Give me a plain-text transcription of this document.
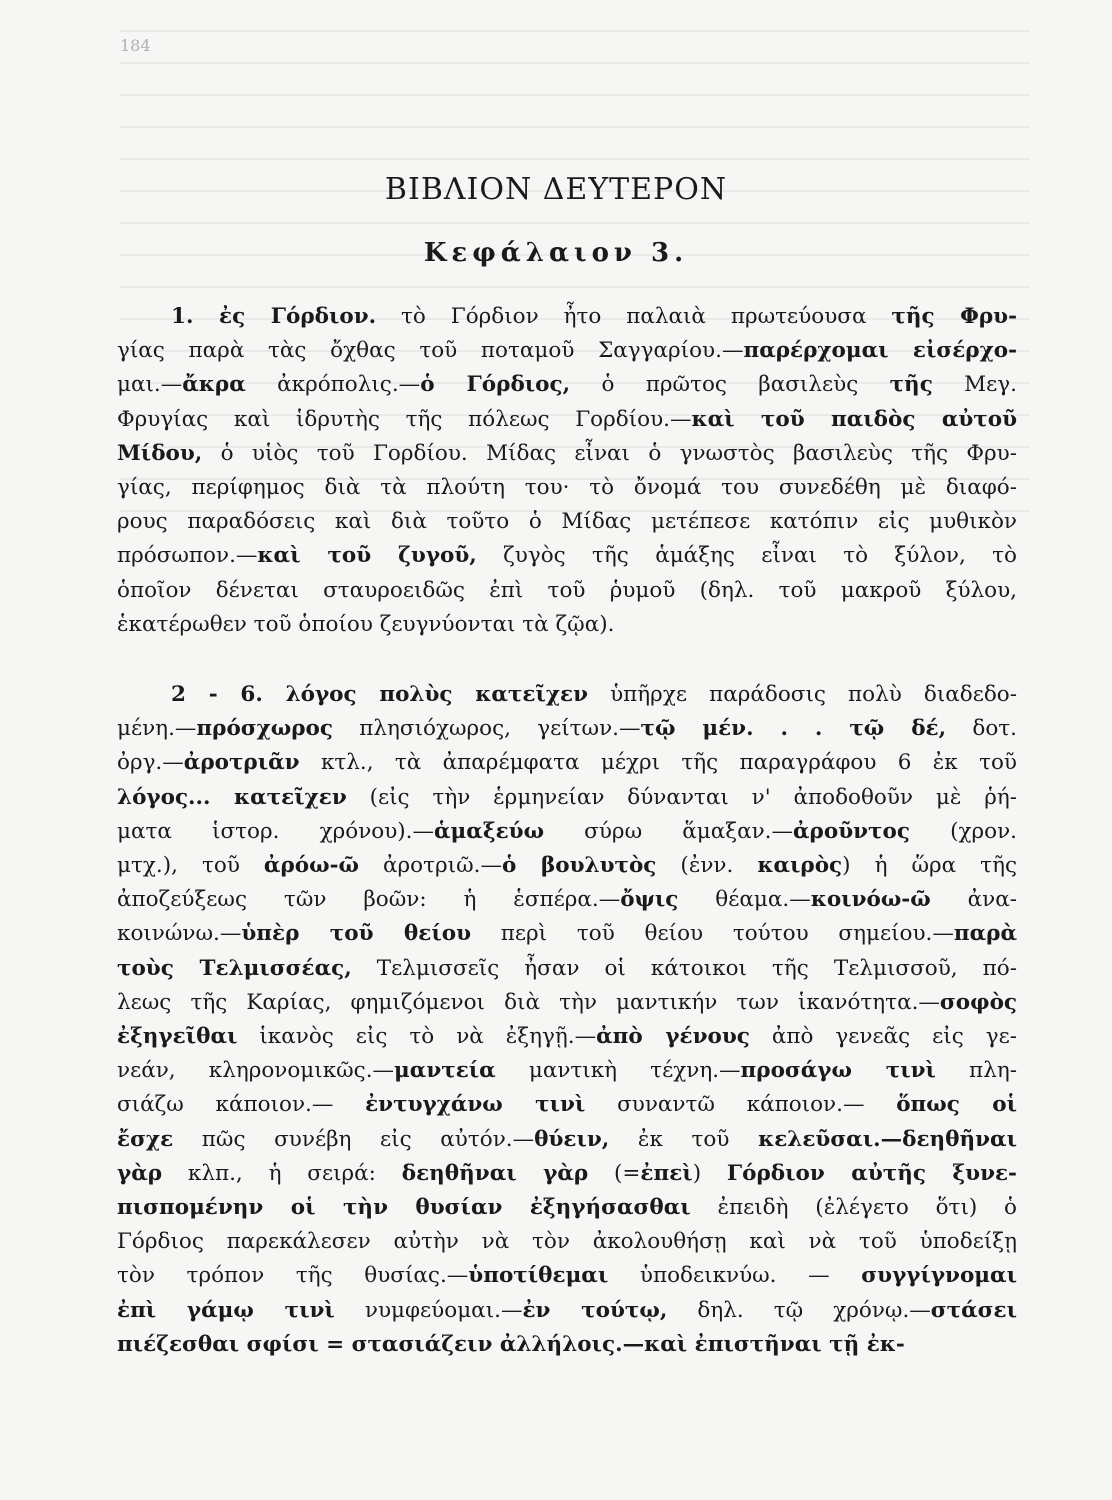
184
ΒΙΒΛΙΟΝ ΔΕΥΤΕΡΟΝ
Κεφάλαιον 3.
1. ἐς Γόρδιον. τὸ Γόρδιον ἦτο παλαιὰ πρωτεύουσα τῆς Φρυ-
γίας παρὰ τὰς ὄχθας τοῦ ποταμοῦ Σαγγαρίου.—παρέρχομαι εἰσέρχο-
μαι.—ἄκρα ἀκρόπολις.—ὁ Γόρδιος, ὁ πρῶτος βασιλεὺς τῆς Μεγ.
Φρυγίας καὶ ἱδρυτὴς τῆς πόλεως Γορδίου.—καὶ τοῦ παιδὸς αὐτοῦ
Μίδου, ὁ υἱὸς τοῦ Γορδίου. Μίδας εἶναι ὁ γνωστὸς βασιλεὺς τῆς Φρυ-
γίας, περίφημος διὰ τὰ πλούτη του· τὸ ὄνομά του συνεδέθη μὲ διαφό-
ρους παραδόσεις καὶ διὰ τοῦτο ὁ Μίδας μετέπεσε κατόπιν εἰς μυθικὸν
πρόσωπον.—καὶ τοῦ ζυγοῦ, ζυγὸς τῆς ἁμάξης εἶναι τὸ ξύλον, τὸ
ὁποῖον δένεται σταυροειδῶς ἐπὶ τοῦ ῥυμοῦ (δηλ. τοῦ μακροῦ ξύλου,
ἑκατέρωθεν τοῦ ὁποίου ζευγνύονται τὰ ζῷα).
2 - 6. λόγος πολὺς κατεῖχεν ὑπῆρχε παράδοσις πολὺ διαδεδο-
μένη.—πρόσχωρος πλησιόχωρος, γείτων.—τῷ μέν. . . τῷ δέ, δοτ.
ὀργ.—ἀροτριᾶν κτλ., τὰ ἀπαρέμφατα μέχρι τῆς παραγράφου 6 ἐκ τοῦ
λόγος... κατεῖχεν (εἰς τὴν ἑρμηνείαν δύνανται ν' ἀποδοθοῦν μὲ ῥή-
ματα ἱστορ. χρόνου).—ἁμαξεύω σύρω ἅμαξαν.—ἀροῦντος (χρον.
μτχ.), τοῦ ἀρόω-ῶ ἀροτριῶ.—ὁ βουλυτὸς (ἐνν. καιρὸς) ἡ ὥρα τῆς
ἀποζεύξεως τῶν βοῶν: ἡ ἑσπέρα.—ὄψις θέαμα.—κοινόω-ῶ ἀνα-
κοινώνω.—ὑπὲρ τοῦ θείου περὶ τοῦ θείου τούτου σημείου.—παρὰ
τοὺς Τελμισσέας, Τελμισσεῖς ἦσαν οἱ κάτοικοι τῆς Τελμισσοῦ, πό-
λεως τῆς Καρίας, φημιζόμενοι διὰ τὴν μαντικήν των ἱκανότητα.—σοφὸς
ἐξηγεῖθαι ἱκανὸς εἰς τὸ νὰ ἐξηγῇ.—ἀπὸ γένους ἀπὸ γενεᾶς εἰς γε-
νεάν, κληρονομικῶς.—μαντεία μαντικὴ τέχνη.—προσάγω τινὶ πλη-
σιάζω κάποιον.— ἐντυγχάνω τινὶ συναντῶ κάποιον.— ὅπως οἱ
ἔσχε πῶς συνέβη εἰς αὐτόν.—θύειν, ἐκ τοῦ κελεῦσαι.—δεηθῆναι
γὰρ κλπ., ἡ σειρά: δεηθῆναι γὰρ (=ἐπεὶ) Γόρδιον αὐτῆς ξυνε-
πισπομένην οἱ τὴν θυσίαν ἐξηγήσασθαι ἐπειδὴ (ἐλέγετο ὅτι) ὁ
Γόρδιος παρεκάλεσεν αὐτὴν νὰ τὸν ἀκολουθήσῃ καὶ νὰ τοῦ ὑποδείξῃ
τὸν τρόπον τῆς θυσίας.—ὑποτίθεμαι ὑποδεικνύω. — συγγίγνομαι
ἐπὶ γάμῳ τινὶ νυμφεύομαι.—ἐν τούτῳ, δηλ. τῷ χρόνῳ.—στάσει
πιέζεσθαι σφίσι = στασιάζειν ἀλλήλοις.—καὶ ἐπιστῆναι τῇ ἐκ-
